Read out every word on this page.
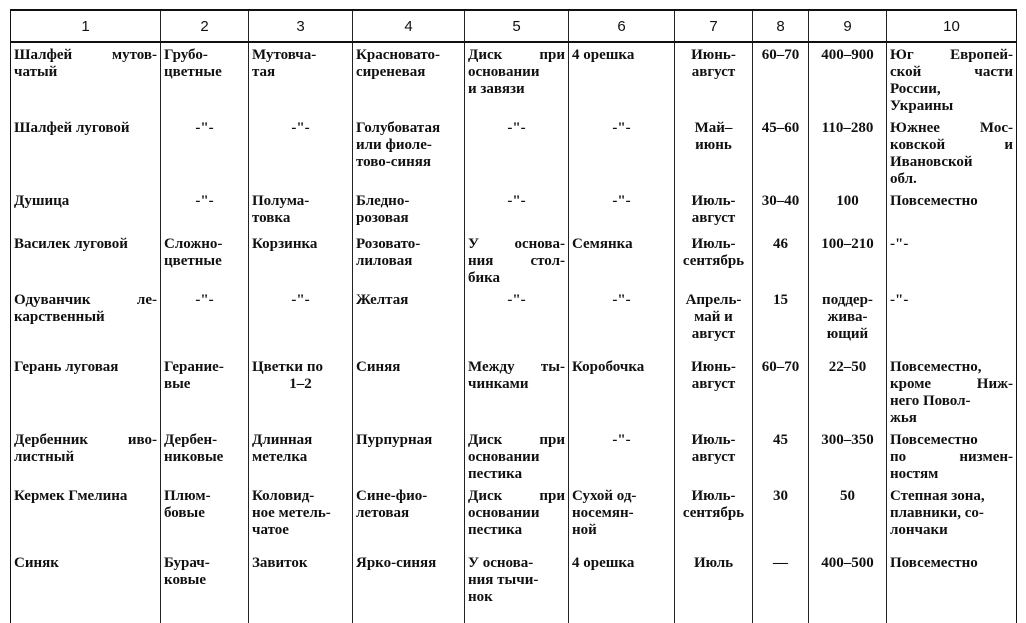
1	2	3	4	5	6	7	8	9	10

Шалфей мутов-
чатый	Грубо-
цветные	Мутовча-
тая	Красновато-
сиреневая	Диск при
основании
и завязи	4 орешка	Июнь-
август	60–70	400–900	Юг Европей-
ской части
России,
Украины

Шалфей луговой	-"-	-"-	Голубоватая
или фиоле-
тово-синяя	-"-	-"-	Май–
июнь	45–60	110–280	Южнее Мос-
ковской и
Ивановской
обл.

Душица	-"-	Полума-
товка	Бледно-
розовая	-"-	-"-	Июль-
август	30–40	100	Повсеместно

Василек луговой	Сложно-
цветные	Корзинка	Розовато-
лиловая	У основа-
ния стол-
бика	Семянка	Июль-
сентябрь	46	100–210	-"-

Одуванчик ле-
карственный	-"-	-"-	Желтая	-"-	-"-	Апрель-
май и
август	15	поддер-
жива-
ющий	-"-

Герань луговая	Гераниe-
вые	Цветки по
1–2	Синяя	Между ты-
чинками	Коробочка	Июнь-
август	60–70	22–50	Повсеместно,
кроме Ниж-
него Повол-
жья

Дербенник иво-
листный	Дербен-
никовые	Длинная
метелка	Пурпурная	Диск при
основании
пестика	-"-	Июль-
август	45	300–350	Повсеместно
по низмен-
ностям

Кермек Гмелина	Плюм-
бовые	Коловид-
ное метель-
чатое	Сине-фио-
летовая	Диск при
основании
пестика	Сухой од-
носемян-
ной	Июль-
сентябрь	30	50	Степная зона,
плавники, со-
лончаки

Синяк	Бурач-
ковые	Завиток	Ярко-синяя	У основа-
ния тычи-
нок	4 орешка	Июль	—	400–500	Повсеместно
